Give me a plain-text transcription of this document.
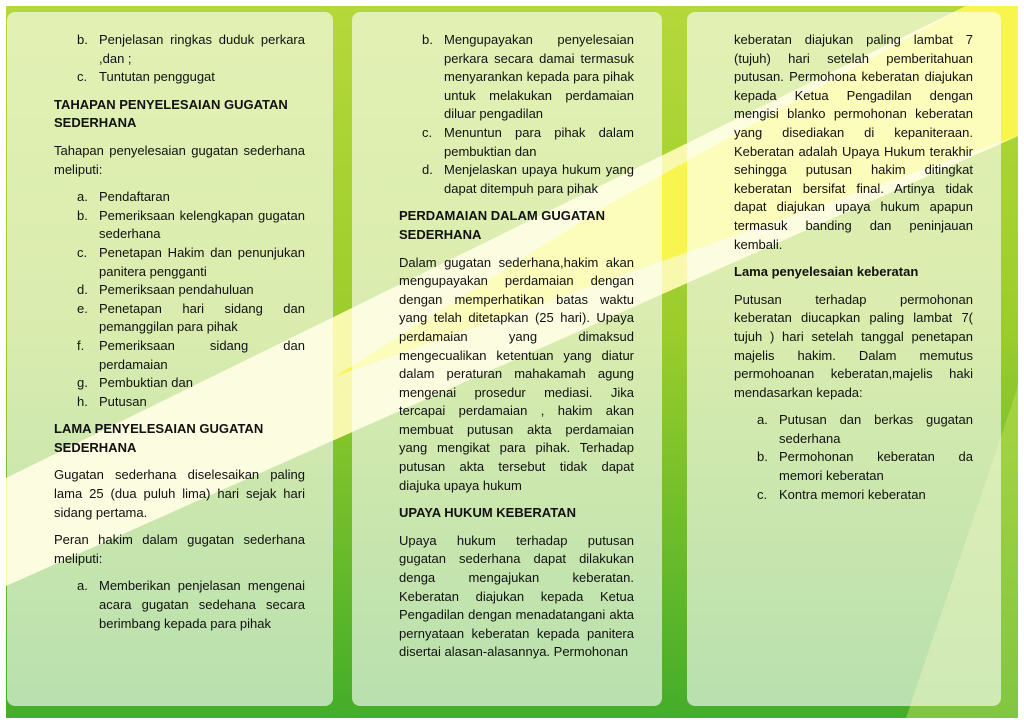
b. Penjelasan ringkas duduk perkara ,dan ;
c. Tuntutan penggugat
TAHAPAN PENYELESAIAN GUGATAN SEDERHANA

Tahapan penyelesaian gugatan sederhana meliputi:

a. Pendaftaran
b. Pemeriksaan kelengkapan gugatan sederhana
c. Penetapan Hakim dan penunjukan panitera pengganti
d. Pemeriksaan pendahuluan
e. Penetapan hari sidang dan pemanggilan para pihak
f.	Pemeriksaan sidang dan perdamaian
g. Pembuktian dan
h. Putusan
LAMA PENYELESAIAN GUGATAN SEDERHANA

Gugatan sederhana diselesaikan paling lama 25 (dua puluh lima) hari sejak hari sidang pertama.

Peran hakim dalam gugatan sederhana meliputi:

a. Memberikan penjelasan mengenai acara gugatan sedehana secara berimbang kepada para pihak
b. Mengupayakan penyelesaian perkara secara damai termasuk menyarankan kepada para pihak untuk melakukan perdamaian diluar pengadilan
c. Menuntun para pihak dalam pembuktian dan
d. Menjelaskan upaya hukum yang dapat ditempuh para pihak
PERDAMAIAN DALAM GUGATAN SEDERHANA

Dalam gugatan sederhana,hakim akan mengupayakan perdamaian dengan dengan memperhatikan batas waktu yang telah ditetapkan (25 hari). Upaya perdamaian yang dimaksud mengecualikan ketentuan yang diatur dalam peraturan mahakamah agung mengenai prosedur mediasi. Jika tercapai perdamaian , hakim akan membuat putusan akta perdamaian yang mengikat para pihak. Terhadap putusan akta tersebut tidak dapat diajuka upaya hukum

UPAYA HUKUM KEBERATAN

Upaya hukum terhadap putusan gugatan sederhana dapat dilakukan denga mengajukan keberatan. Keberatan diajukan kepada Ketua Pengadilan dengan menadatangani akta pernyataan keberatan kepada panitera disertai alasan-alasannya. Permohonan

keberatan diajukan paling lambat 7 (tujuh) hari setelah pemberitahuan putusan. Permohona keberatan diajukan kepada Ketua Pengadilan dengan mengisi blanko permohonan keberatan yang disediakan di kepaniteraan. Keberatan adalah Upaya Hukum terakhir sehingga putusan hakim ditingkat keberatan bersifat final. Artinya tidak dapat diajukan upaya hukum apapun termasuk banding dan peninjauan kembali.

Lama penyelesaian keberatan

Putusan terhadap permohonan keberatan diucapkan paling lambat 7( tujuh ) hari setelah tanggal penetapan majelis hakim. Dalam memutus permohoanan keberatan,majelis haki mendasarkan kepada:

a. Putusan dan berkas gugatan sederhana
b. Permohonan keberatan da memori keberatan
c. Kontra memori keberatan
